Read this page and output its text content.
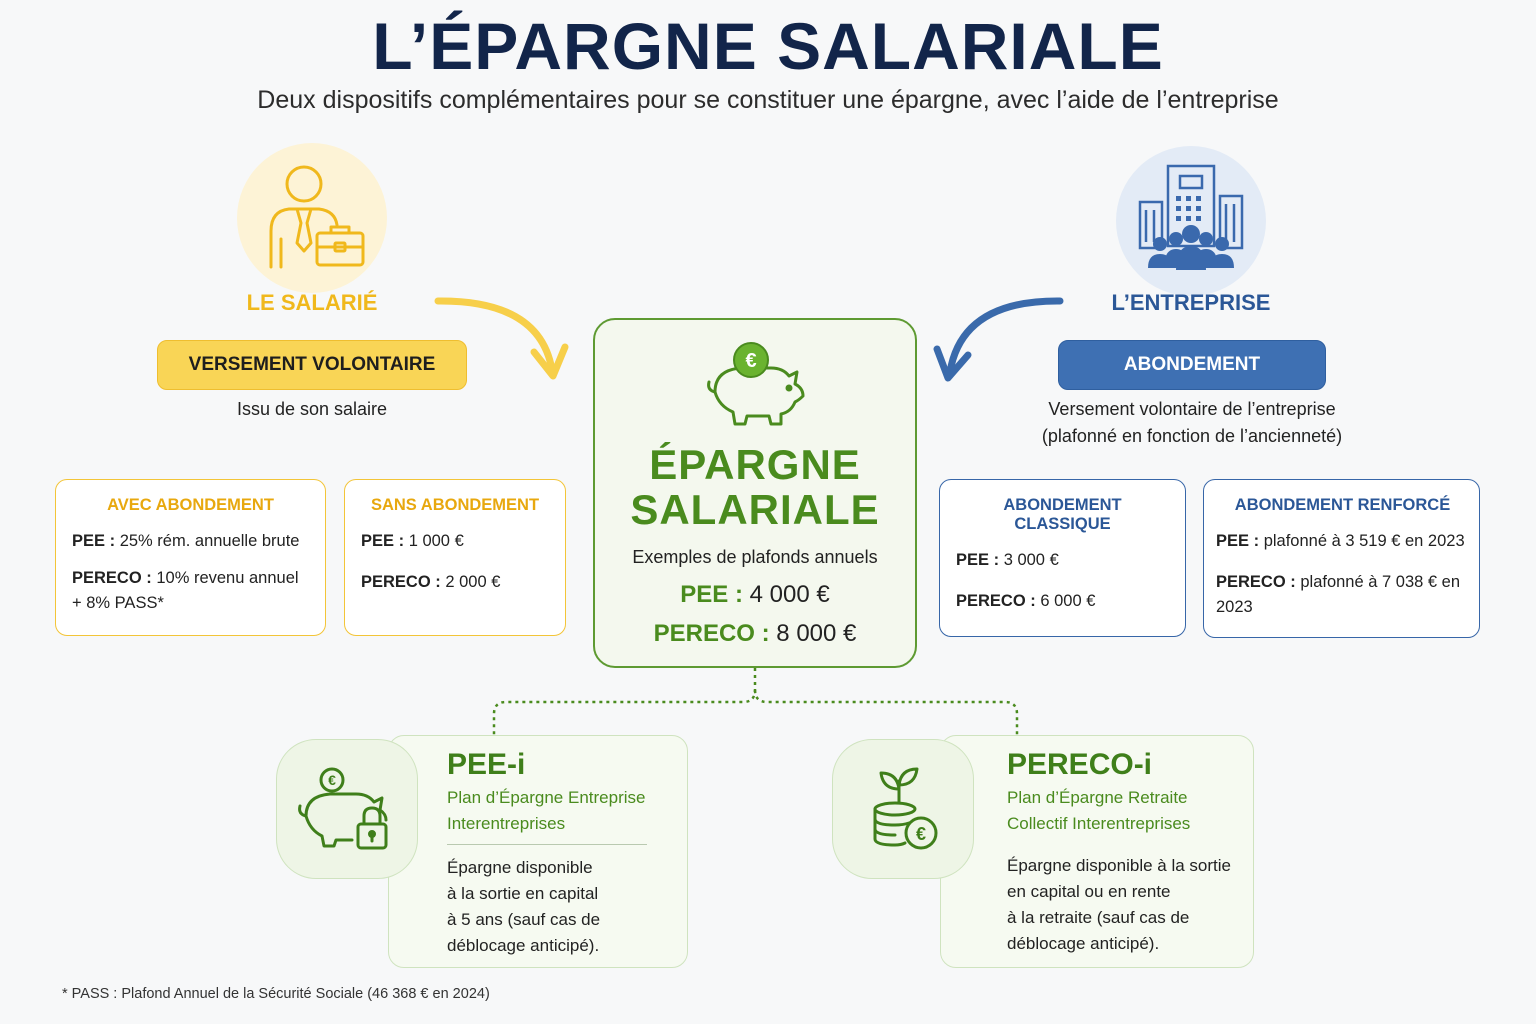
L’ÉPARGNE SALARIALE
Deux dispositifs complémentaires pour se constituer une épargne, avec l’aide de l’entreprise
LE SALARIÉ
VERSEMENT VOLONTAIRE
Issu de son salaire
AVEC ABONDEMENT

PEE : 25% rém. annuelle brute

PERECO : 10% revenu annuel + 8% PASS*

SANS ABONDEMENT

PEE : 1 000 €

PERECO : 2 000 €

L’ENTREPRISE
ABONDEMENT
Versement volontaire de l’entreprise
(plafonné en fonction de l’ancienneté)
ABONDEMENT CLASSIQUE

PEE : 3 000 €

PERECO : 6 000 €

ABONDEMENT RENFORCÉ

PEE : plafonné à 3 519 € en 2023

PERECO : plafonné à 7 038 € en 2023

€
ÉPARGNE
SALARIALE
Exemples de plafonds annuels
PEE : 4 000 €
PERECO : 8 000 €
PEE-i
Plan d’Épargne Entreprise
Interentreprises
Épargne disponible
à la sortie en capital
à 5 ans (sauf cas de
déblocage anticipé).
€	PERECO-i
Plan d’Épargne Retraite
Collectif Interentreprises
Épargne disponible à la sortie
en capital ou en rente
à la retraite (sauf cas de
déblocage anticipé).
€
* PASS : Plafond Annuel de la Sécurité Sociale (46 368 € en 2024)
